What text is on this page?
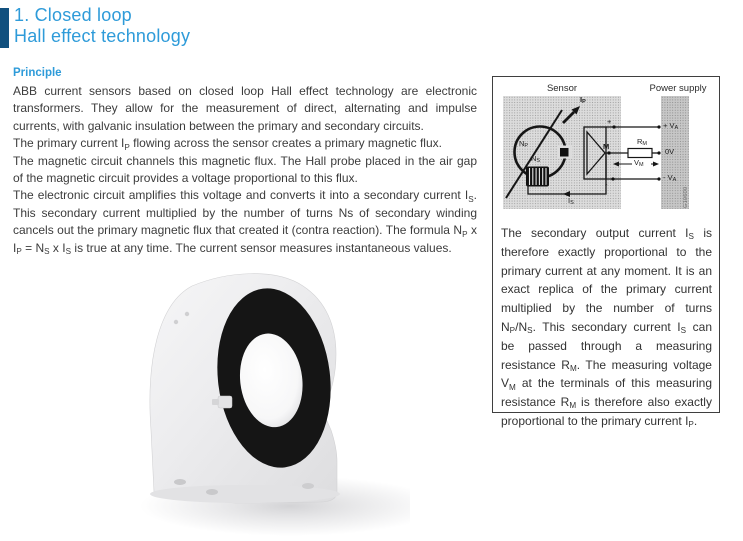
1. Closed loop
Hall effect technology
Principle

ABB current sensors based on closed loop Hall effect technology are electronic transformers. They allow for the measurement of direct, alternating and impulse currents, with galvanic insulation between the primary and secondary circuits.

The primary current $I_P$ flowing across the sensor creates a primary magnetic flux.

The magnetic circuit channels this magnetic flux. The Hall probe placed in the air gap of the magnetic circuit provides a voltage proportional to this flux.

The electronic circuit amplifies this voltage and converts it into a secondary current $I_S$. This secondary current multiplied by the number of turns Ns of secondary winding cancels out the primary magnetic flux that created it (contra reaction). The formula $N_P$ x $I_P = N_S$ x $I_S$ is true at any time. The current sensor measures instantaneous values.

Sensor	Power supply
$I_P$
$N_P$
$N_S$
M
+
-
$R_M$
$V_M$
+ $V_A$
0V
- $V_A$
$I_S$	G10600

The secondary output current $I_S$ is therefore exactly proportional to the primary current at any moment. It is an exact replica of the primary current multiplied by the number of turns $N_P/N_S$. This secondary current $I_S$ can be passed through a measuring resistance $R_M$. The measuring voltage $V_M$ at the terminals of this measuring resistance $R_M$ is therefore also exactly proportional to the primary current $I_P$.
